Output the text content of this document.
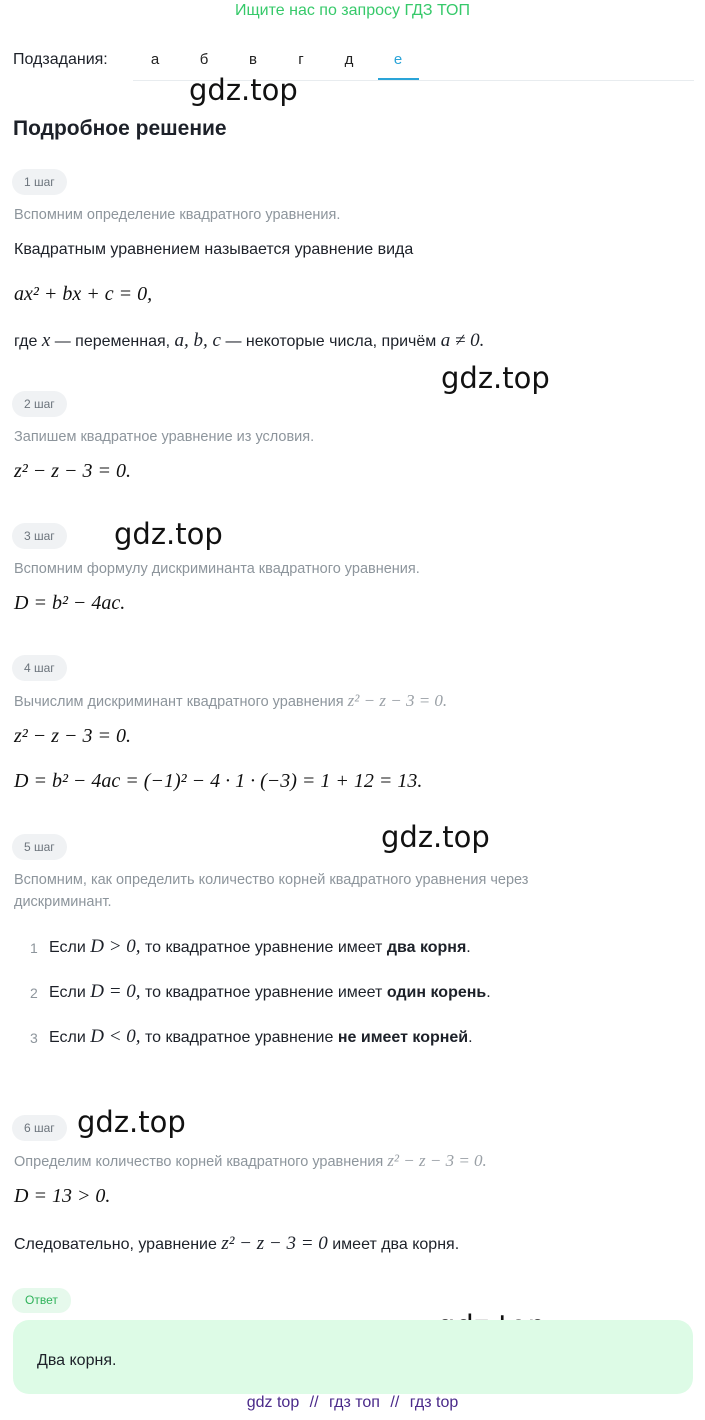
Ищите нас по запросу ГДЗ ТОП
Подзадания:	а	б	в	г	д	е
gdz.top
gdz.top
gdz.top
gdz.top
gdz.top
Подробное решение
1 шаг
Вспомним определение квадратного уравнения.
Квадратным уравнением называется уравнение вида
ax² + bx + c = 0,
где x — переменная, a, b, c — некоторые числа, причём a ≠ 0.
2 шаг
Запишем квадратное уравнение из условия.
z² − z − 3 = 0.
3 шаг
Вспомним формулу дискриминанта квадратного уравнения.
D = b² − 4ac.
4 шаг
Вычислим дискриминант квадратного уравнения z² − z − 3 = 0.
z² − z − 3 = 0.
D = b² − 4ac = (−1)² − 4 · 1 · (−3) = 1 + 12 = 13.
5 шаг
Вспомним, как определить количество корней квадратного уравнения через дискриминант.
1 Если D > 0, то квадратное уравнение имеет два корня.
2 Если D = 0, то квадратное уравнение имеет один корень.
3 Если D < 0, то квадратное уравнение не имеет корней.
6 шаг
Определим количество корней квадратного уравнения z² − z − 3 = 0.
D = 13 > 0.
Следовательно, уравнение z² − z − 3 = 0 имеет два корня.
Ответ
Два корня.
gdz top // гдз топ // гдз top
